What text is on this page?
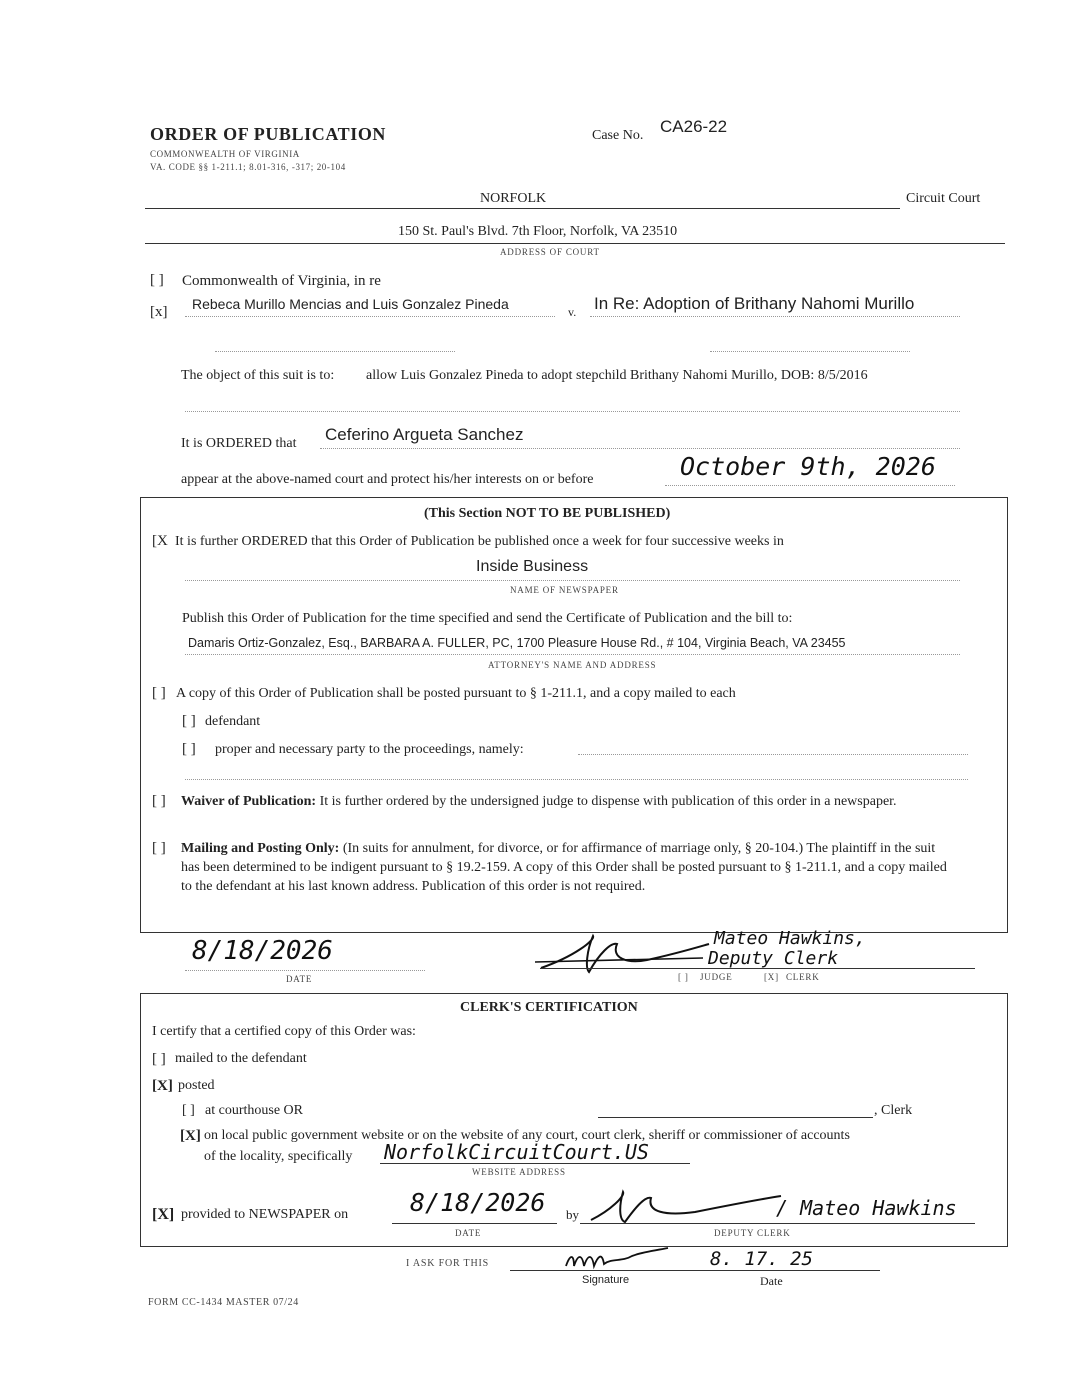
ORDER OF PUBLICATION
COMMONWEALTH OF VIRGINIA
VA. CODE §§ 1-211.1; 8.01-316, -317; 20-104
Case No. CA26-22
NORFOLK	Circuit Court
150 St. Paul's Blvd. 7th Floor, Norfolk, VA 23510
ADDRESS OF COURT
[ ] Commonwealth of Virginia, in re
[x] Rebeca Murillo Mencias and Luis Gonzalez Pineda	v. In Re: Adoption of Brithany Nahomi Murillo
The object of this suit is to: allow Luis Gonzalez Pineda to adopt stepchild Brithany Nahomi Murillo, DOB: 8/5/2016
It is ORDERED that Ceferino Argueta Sanchez
appear at the above-named court and protect his/her interests on or before	October 9th, 2026
(This Section NOT TO BE PUBLISHED)
[X It is further ORDERED that this Order of Publication be published once a week for four successive weeks in
Inside Business
NAME OF NEWSPAPER
Publish this Order of Publication for the time specified and send the Certificate of Publication and the bill to:
Damaris Ortiz-Gonzalez, Esq., BARBARA A. FULLER, PC, 1700 Pleasure House Rd., # 104, Virginia Beach, VA 23455
ATTORNEY'S NAME AND ADDRESS
[ ] A copy of this Order of Publication shall be posted pursuant to § 1-211.1, and a copy mailed to each
[ ] defendant
[ ] proper and necessary party to the proceedings, namely:
[ ] Waiver of Publication: It is further ordered by the undersigned judge to dispense with publication of this order in a newspaper.
[ ] Mailing and Posting Only: (In suits for annulment, for divorce, or for affirmance of marriage only, § 20-104.) The plaintiff in the suit has been determined to be indigent pursuant to § 19.2-159. A copy of this Order shall be posted pursuant to § 1-211.1, and a copy mailed to the defendant at his last known address. Publication of this order is not required.
8/18/2026
DATE
Mateo Hawkins,
Deputy Clerk
[ ] JUDGE	[X] CLERK
CLERK'S CERTIFICATION
I certify that a certified copy of this Order was:
[ ] mailed to the defendant
[X] posted
[ ] at courthouse OR	, Clerk
[X] on local public government website or on the website of any court, court clerk, sheriff or commissioner of accounts
of the locality, specifically NorfolkCircuitCourt.US
WEBSITE ADDRESS
[X] provided to NEWSPAPER on 8/18/2026
DATE
by	/ Mateo Hawkins
DEPUTY CLERK
I ASK FOR THIS	8. 17. 25
Signature	Date
FORM CC-1434 MASTER 07/24
